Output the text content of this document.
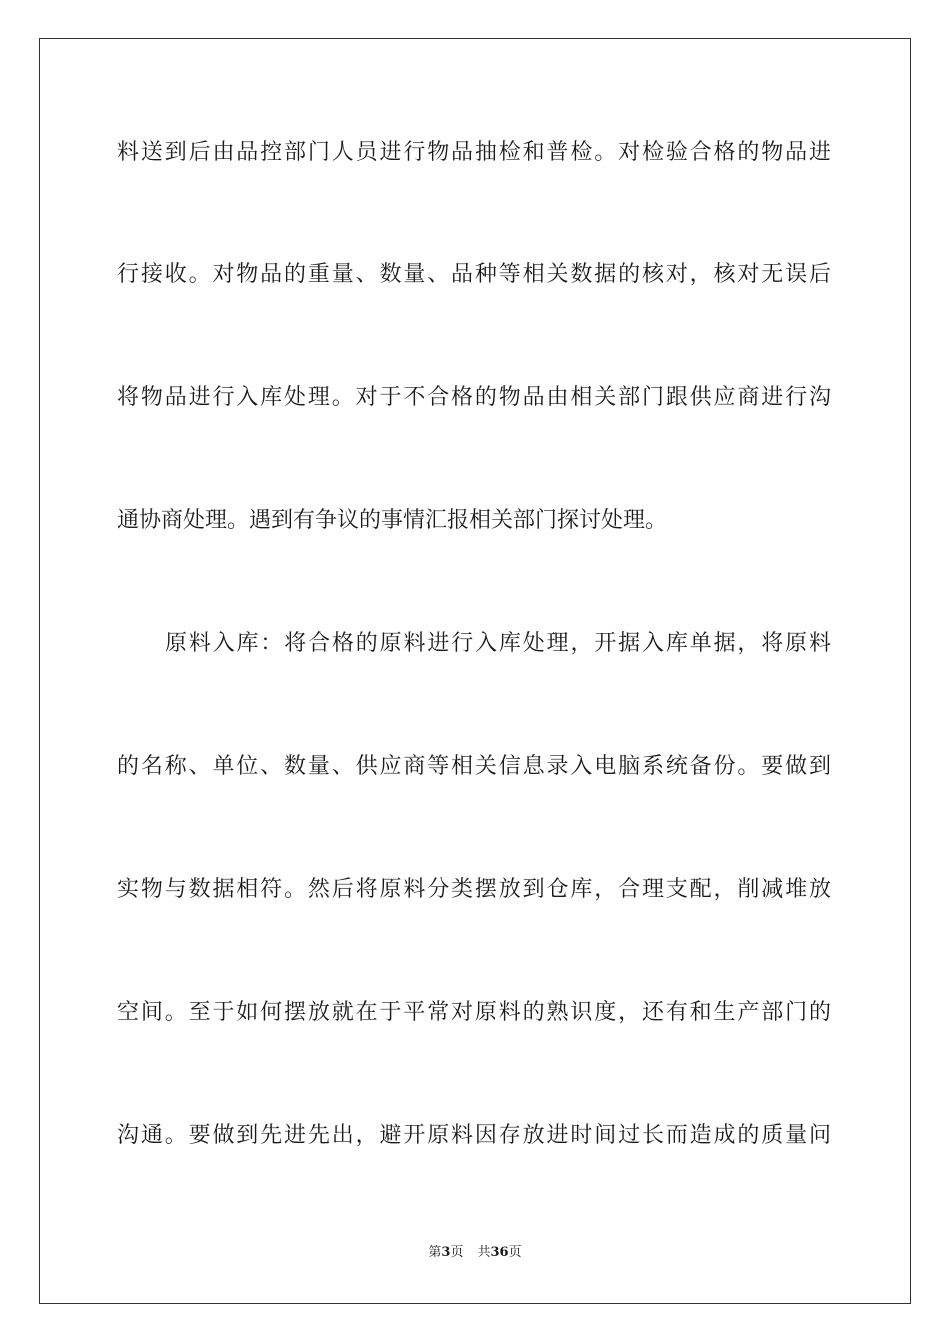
料送到后由品控部门人员进行物品抽检和普检。对检验合格的物品进
行接收。对物品的重量、数量、品种等相关数据的核对，核对无误后
将物品进行入库处理。对于不合格的物品由相关部门跟供应商进行沟
通协商处理。遇到有争议的事情汇报相关部门探讨处理。
原料入库：将合格的原料进行入库处理，开据入库单据，将原料
的名称、单位、数量、供应商等相关信息录入电脑系统备份。要做到
实物与数据相符。然后将原料分类摆放到仓库，合理支配，削减堆放
空间。至于如何摆放就在于平常对原料的熟识度，还有和生产部门的
沟通。要做到先进先出，避开原料因存放进时间过长而造成的质量问
第3页 共36页
